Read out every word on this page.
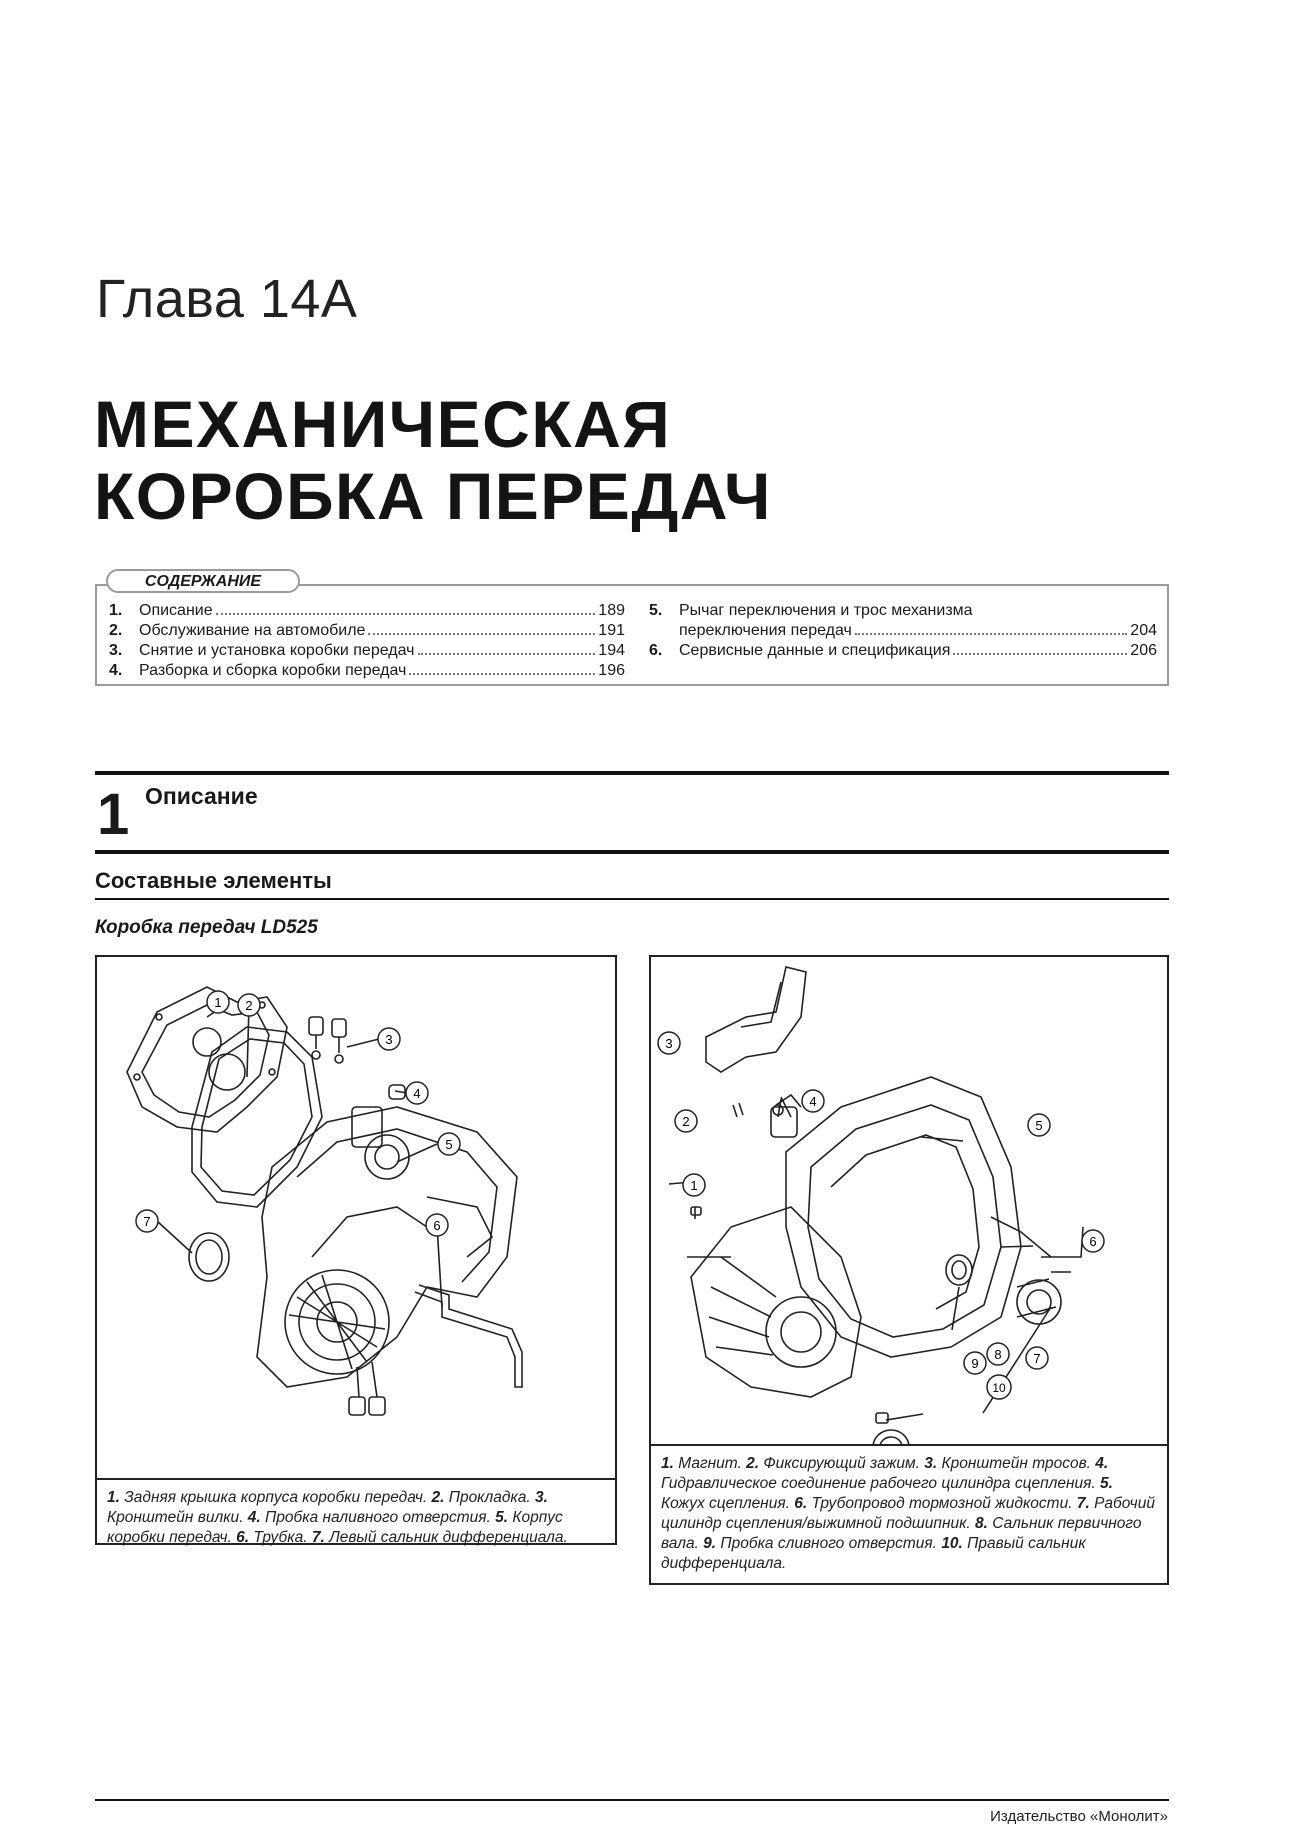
Глава 14А
МЕХАНИЧЕСКАЯ
КОРОБКА ПЕРЕДАЧ
1.	Описание	189
2.	Обслуживание на автомобиле	191
3.	Снятие и установка коробки передач	194
4.	Разборка и сборка коробки передач	196
5.	Рычаг переключения и трос механизма
переключения передач	204
6.	Сервисные данные и спецификация	206
СОДЕРЖАНИЕ
1 Описание
Составные элементы
Коробка передач LD525
1 2
3
4
5
6
7
1. Задняя крышка корпуса коробки передач. 2. Прокладка. 3. Кронштейн вилки. 4. Пробка наливного отверстия. 5. Корпус коробки передач. 6. Трубка. 7. Левый сальник дифференциала.
1
2
3
4
5
6
7
8
9
10
1. Магнит. 2. Фиксирующий зажим. 3. Кронштейн тросов. 4. Гидравлическое соединение рабочего цилиндра сцепления. 5. Кожух сцепления. 6. Трубопровод тормозной жидкости. 7. Рабочий цилиндр сцепления/выжимной подшипник. 8. Сальник первичного вала. 9. Пробка сливного отверстия. 10. Правый сальник дифференциала.
Издательство «Монолит»
